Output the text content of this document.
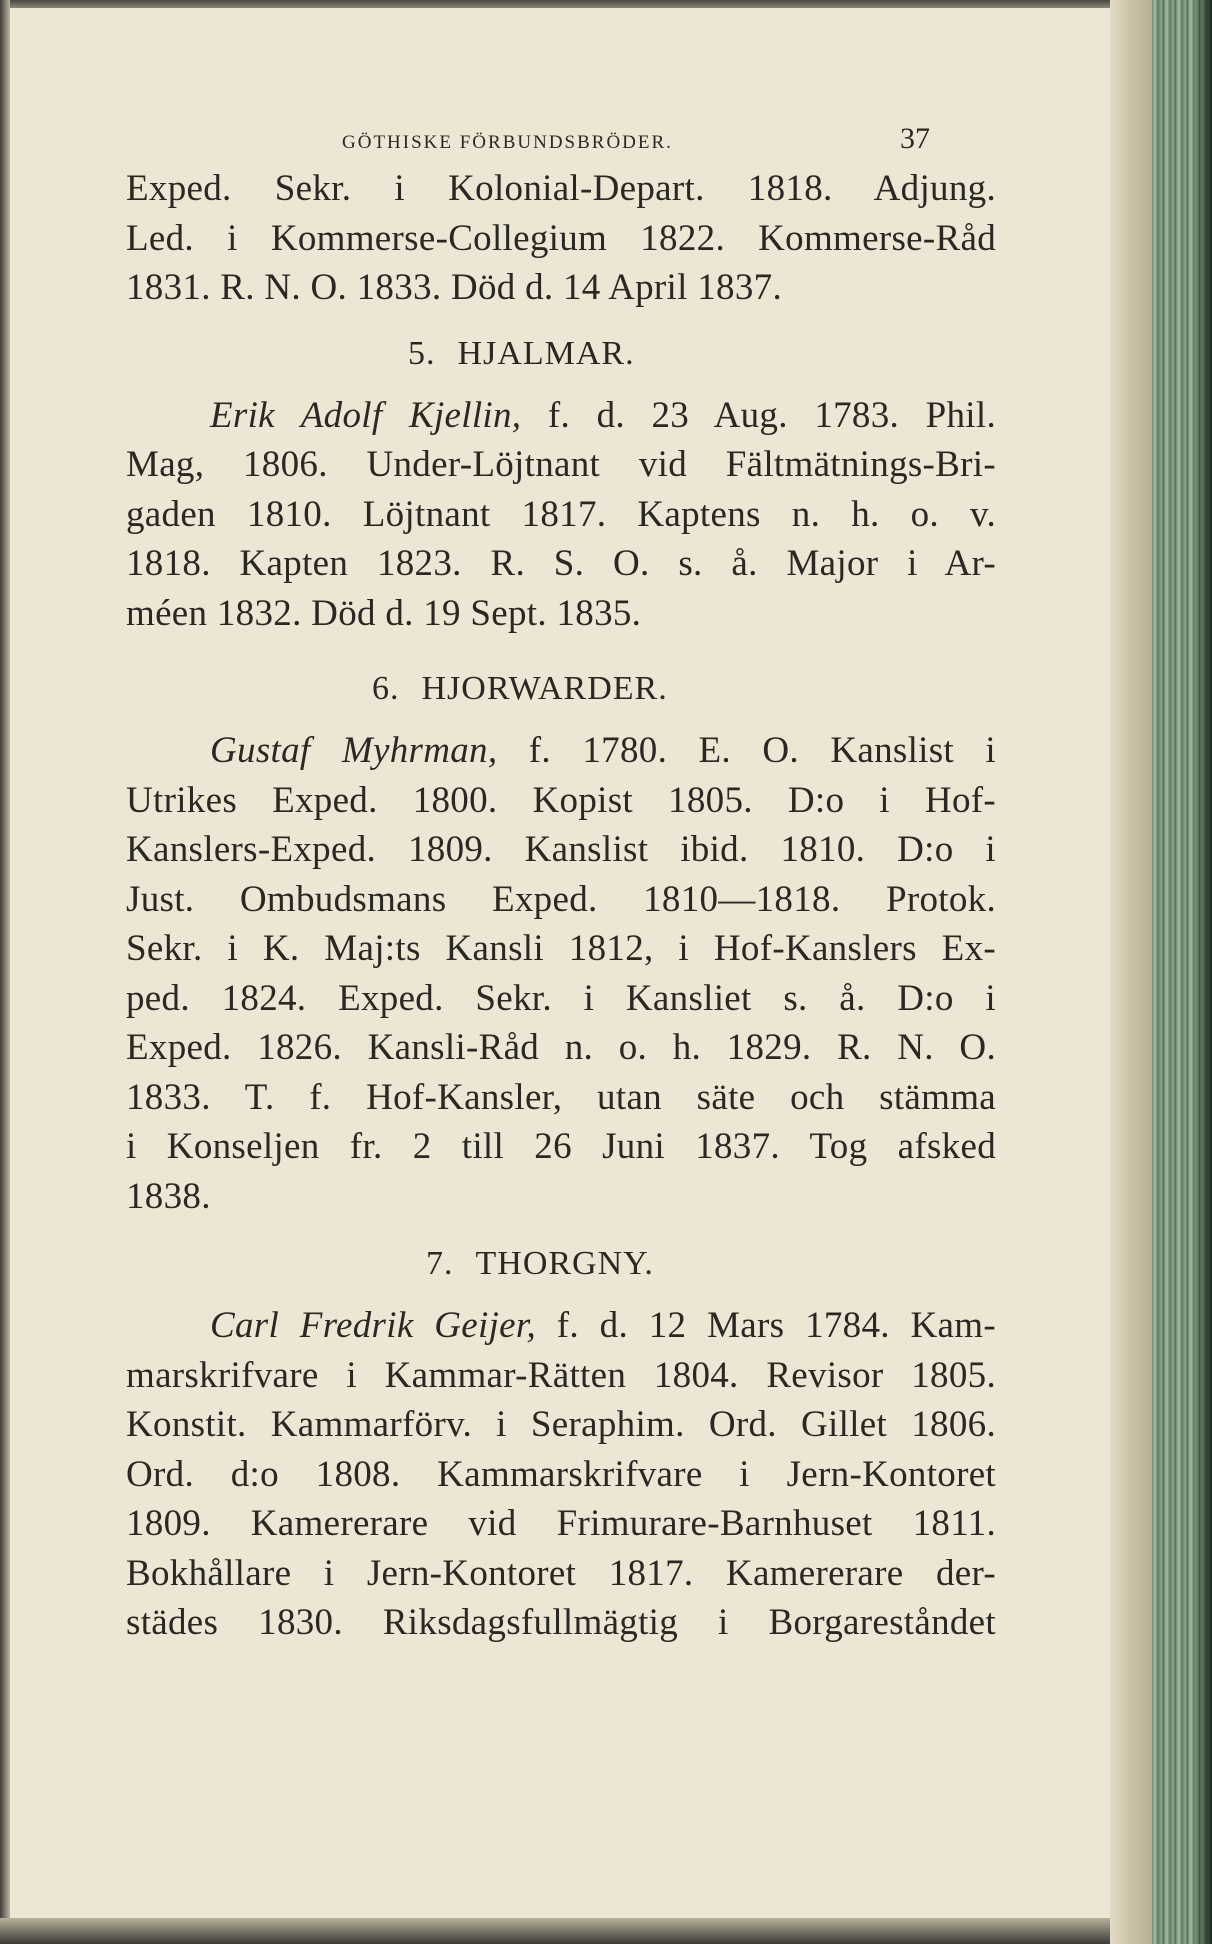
GÖTHISKE FÖRBUNDSBRÖDER.	37
Exped. Sekr. i Kolonial-Depart. 1818. Adjung.
Led. i Kommerse-Collegium 1822. Kommerse-Råd
1831. R. N. O. 1833. Död d. 14 April 1837.
5. HJALMAR.
Erik Adolf Kjellin, f. d. 23 Aug. 1783. Phil.
Mag, 1806. Under-Löjtnant vid Fältmätnings-Bri-
gaden 1810. Löjtnant 1817. Kaptens n. h. o. v.
1818. Kapten 1823. R. S. O. s. å. Major i Ar-
méen 1832. Död d. 19 Sept. 1835.
6. HJORWARDER.
Gustaf Myhrman, f. 1780. E. O. Kanslist i
Utrikes Exped. 1800. Kopist 1805. D:o i Hof-
Kanslers-Exped. 1809. Kanslist ibid. 1810. D:o i
Just. Ombudsmans Exped. 1810—1818. Protok.
Sekr. i K. Maj:ts Kansli 1812, i Hof-Kanslers Ex-
ped. 1824. Exped. Sekr. i Kansliet s. å. D:o i
Exped. 1826. Kansli-Råd n. o. h. 1829. R. N. O.
1833. T. f. Hof-Kansler, utan säte och stämma
i Konseljen fr. 2 till 26 Juni 1837. Tog afsked
1838.
7. THORGNY.
Carl Fredrik Geijer, f. d. 12 Mars 1784. Kam-
marskrifvare i Kammar-Rätten 1804. Revisor 1805.
Konstit. Kammarförv. i Seraphim. Ord. Gillet 1806.
Ord. d:o 1808. Kammarskrifvare i Jern-Kontoret
1809. Kamererare vid Frimurare-Barnhuset 1811.
Bokhållare i Jern-Kontoret 1817. Kamererare der-
städes 1830. Riksdagsfullmägtig i Borgareståndet
